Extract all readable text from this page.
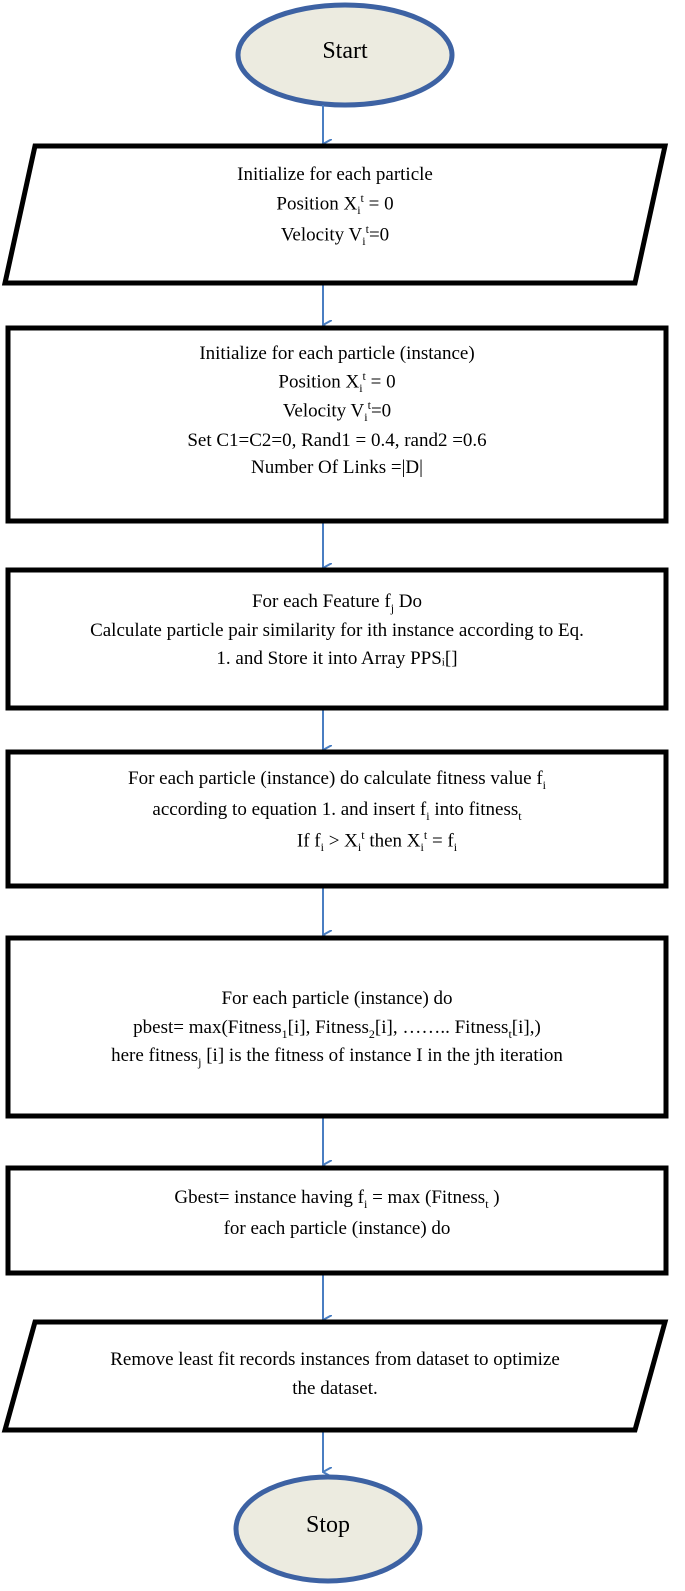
Start
Initialize for each particle
Position $X_i^t = 0$
Velocity $V_i^t=0$
Initialize for each particle (instance)
Position $X_i^t = 0$
Velocity $V_i^t=0$
Set C1=C2=0, Rand1 = 0.4, rand2 =0.6
Number Of Links =|D|
For each Feature $f_j$ Do
Calculate particle pair similarity for ith instance according to Eq.
1. and Store it into Array PPSᵢ[]
For each particle (instance) do calculate fitness value $f_i$
according to equation 1. and insert $f_i$ into fitness$_t$
If $f_i > X_i^t$ then $X_i^t = f_i$
For each particle (instance) do
pbest= max(Fitness$_1$[i], Fitness$_2$[i], …….. Fitness$_t$[i],)
here fitness$_j$ [i] is the fitness of instance I in the jth iteration
Gbest= instance having $f_i = \max$ (Fitness$_t$ )
for each particle (instance) do
Remove least fit records instances from dataset to optimize
the dataset.
Stop
